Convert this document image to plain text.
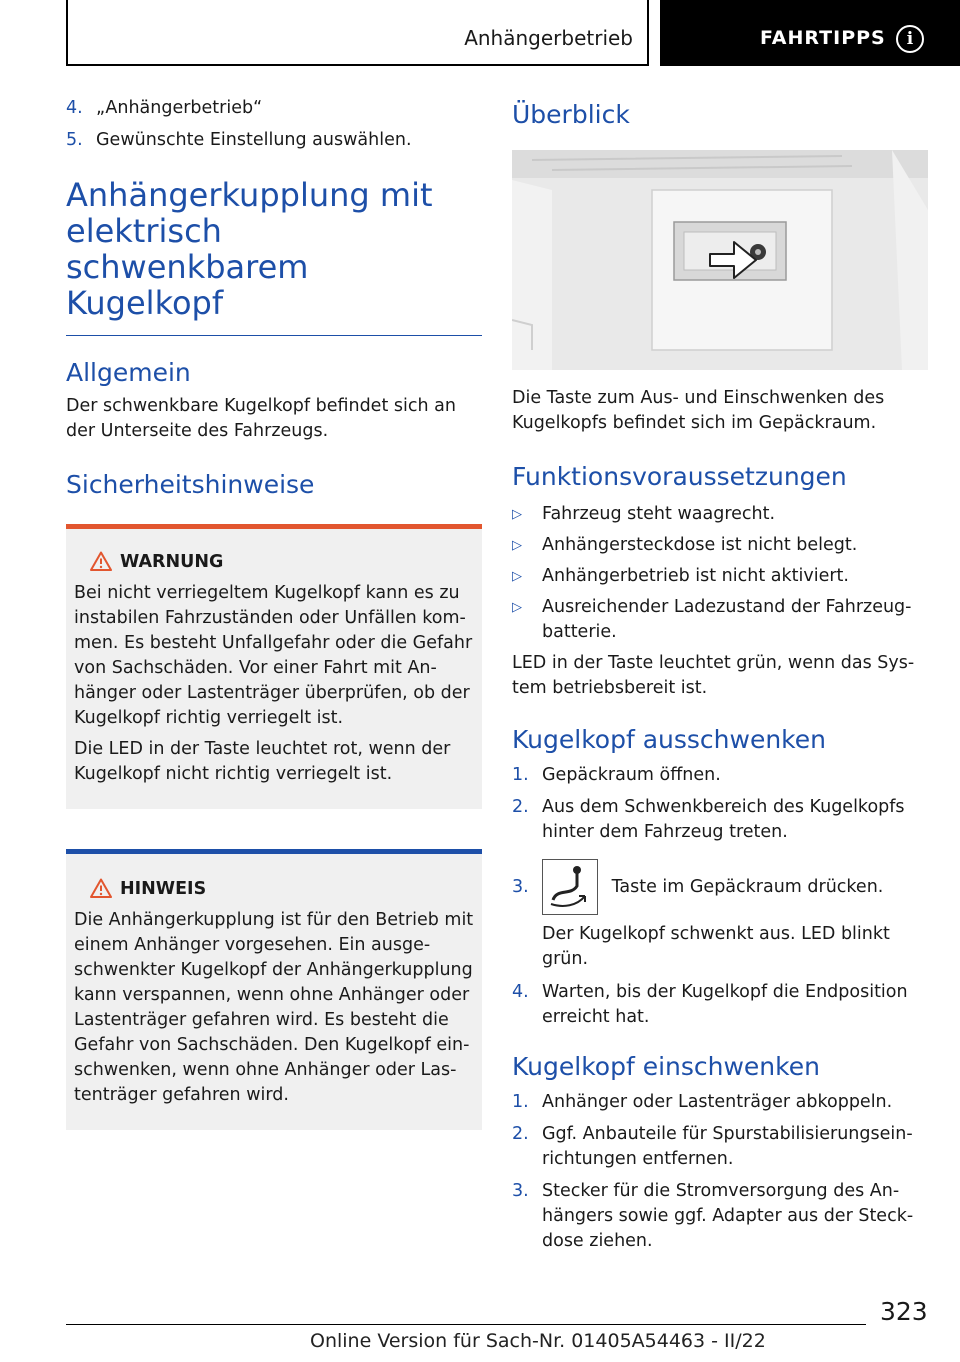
Anhängerbetrieb	FAHRTIPPS	i
4. „Anhängerbetrieb“
5. Gewünschte Einstellung auswählen.
Anhängerkupplung mit elektrisch schwenkbarem Kugelkopf
Allgemein
Der schwenkbare Kugelkopf befindet sich an der Unterseite des Fahrzeugs.
Sicherheitshinweise
WARNUNG
Bei nicht verriegeltem Kugelkopf kann es zu instabilen Fahrzuständen oder Unfällen kommen. Es besteht Unfallgefahr oder die Gefahr von Sachschäden. Vor einer Fahrt mit Anhänger oder Lastenträger überprüfen, ob der Kugelkopf richtig verriegelt ist.
Die LED in der Taste leuchtet rot, wenn der Kugelkopf nicht richtig verriegelt ist.
HINWEIS
Die Anhängerkupplung ist für den Betrieb mit einem Anhänger vorgesehen. Ein ausgeschwenkter Kugelkopf der Anhängerkupplung kann verspannen, wenn ohne Anhänger oder Lastenträger gefahren wird. Es besteht die Gefahr von Sachschäden. Den Kugelkopf einschwenken, wenn ohne Anhänger oder Lastenträger gefahren wird.
Überblick
Die Taste zum Aus- und Einschwenken des Kugelkopfs befindet sich im Gepäckraum.
Funktionsvoraussetzungen
▷ Fahrzeug steht waagrecht.
▷ Anhängersteckdose ist nicht belegt.
▷ Anhängerbetrieb ist nicht aktiviert.
▷ Ausreichender Ladezustand der Fahrzeugbatterie.
LED in der Taste leuchtet grün, wenn das System betriebsbereit ist.
Kugelkopf ausschwenken
1. Gepäckraum öffnen.
2. Aus dem Schwenkbereich des Kugelkopfs hinter dem Fahrzeug treten.
3.	Taste im Gepäckraum drücken.
Der Kugelkopf schwenkt aus. LED blinkt grün.
4. Warten, bis der Kugelkopf die Endposition erreicht hat.
Kugelkopf einschwenken
1. Anhänger oder Lastenträger abkoppeln.
2. Ggf. Anbauteile für Spurstabilisierungseinrichtungen entfernen.
3. Stecker für die Stromversorgung des Anhängers sowie ggf. Adapter aus der Steckdose ziehen.
323
Online Version für Sach-Nr. 01405A54463 - II/22
